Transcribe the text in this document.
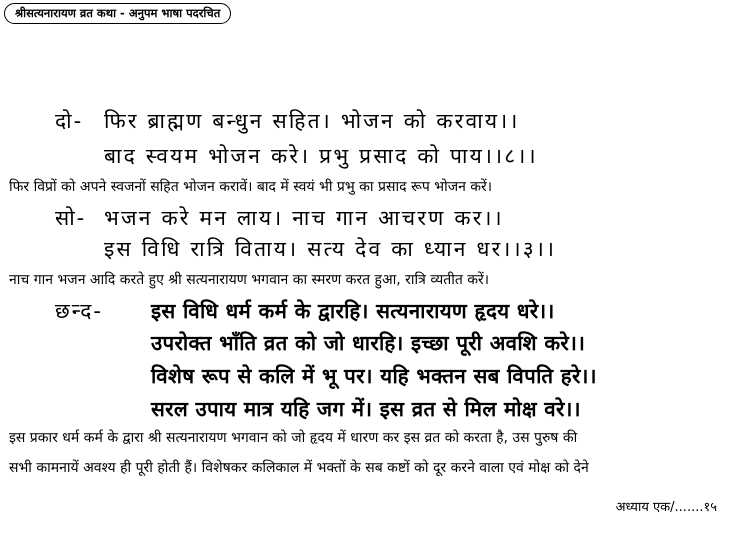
श्रीसत्यनारायण व्रत कथा - अनुपम भाषा पदरचित
दो- फिर ब्राह्मण बन्धुन सहित। भोजन को करवाय।।
बाद स्वयम भोजन करे। प्रभु प्रसाद को पाय।।८।।
फिर विप्रों को अपने स्वजनों सहित भोजन करावें। बाद में स्वयं भी प्रभु का प्रसाद रूप भोजन करें।
सो- भजन करे मन लाय। नाच गान आचरण कर।।
इस विधि रात्रि विताय। सत्य देव का ध्यान धर।।३।।
नाच गान भजन आदि करते हुए श्री सत्यनारायण भगवान का स्मरण करत हुआ, रात्रि व्यतीत करें।
छन्द- इस विधि धर्म कर्म के द्वारहि। सत्यनारायण हृदय धरे।।
उपरोक्त भाँति व्रत को जो धारहि। इच्छा पूरी अवशि करे।।
विशेष रूप से कलि में भू पर। यहि भक्तन सब विपति हरे।।
सरल उपाय मात्र यहि जग में। इस व्रत से मिल मोक्ष वरे।।
इस प्रकार धर्म कर्म के द्वारा श्री सत्यनारायण भगवान को जो हृदय में धारण कर इस व्रत को करता है, उस पुरुष की
सभी कामनायें अवश्य ही पूरी होती हैं। विशेषकर कलिकाल में भक्तों के सब कष्टों को दूर करने वाला एवं मोक्ष को देने
अध्याय एक/.......१५
